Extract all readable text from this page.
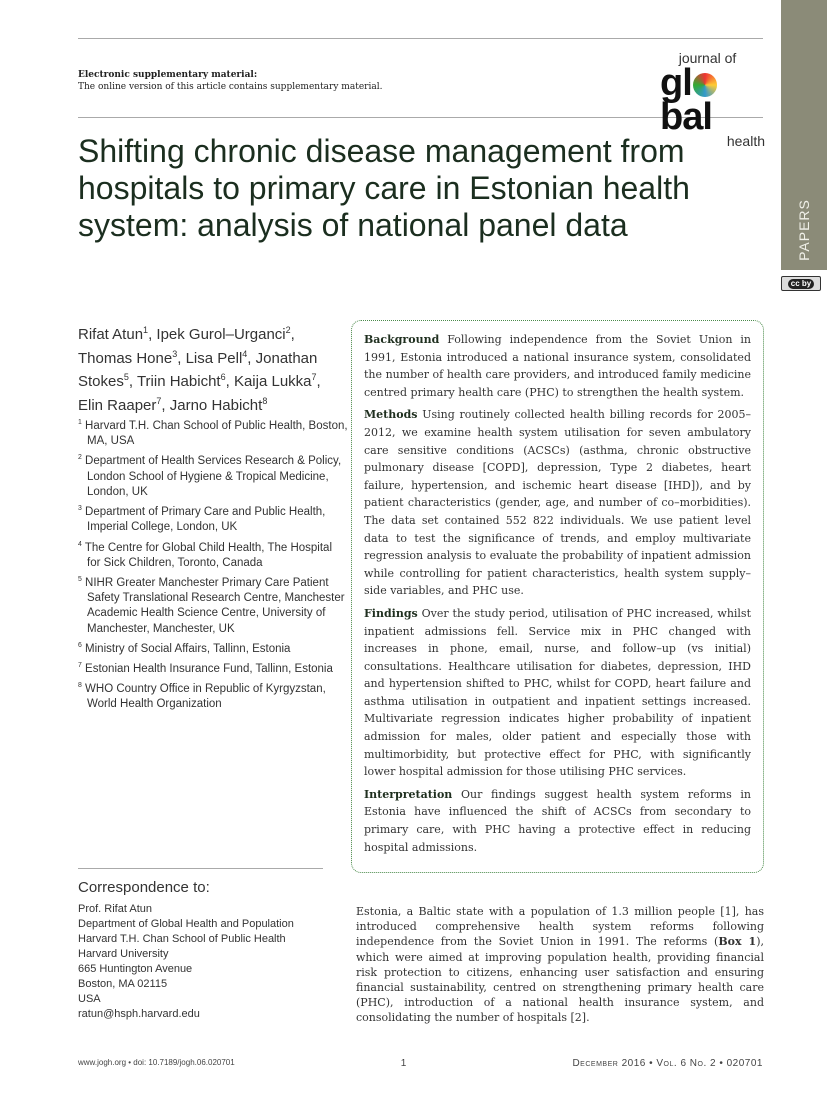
PAPERS
cc by
Electronic supplementary material:
The online version of this article contains supplementary material.
journal of
glbal
health
Shifting chronic disease management from hospitals to primary care in Estonian health system: analysis of national panel data
Rifat Atun$^1$, Ipek Gurol–Urganci$^2$, Thomas Hone$^3$, Lisa Pell$^4$, Jonathan Stokes$^5$, Triin Habicht$^6$, Kaija Lukka$^7$, Elin Raaper$^7$, Jarno Habicht$^8$
$^1$ Harvard T.H. Chan School of Public Health, Boston, MA, USA
$^2$ Department of Health Services Research & Policy, London School of Hygiene & Tropical Medicine, London, UK
$^3$ Department of Primary Care and Public Health, Imperial College, London, UK
$^4$ The Centre for Global Child Health, The Hospital for Sick Children, Toronto, Canada
$^5$ NIHR Greater Manchester Primary Care Patient Safety Translational Research Centre, Manchester Academic Health Science Centre, University of Manchester, Manchester, UK
$^6$ Ministry of Social Affairs, Tallinn, Estonia
$^7$ Estonian Health Insurance Fund, Tallinn, Estonia
$^8$ WHO Country Office in Republic of Kyrgyzstan, World Health Organization

Background Following independence from the Soviet Union in 1991, Estonia introduced a national insurance system, consolidated the number of health care providers, and introduced family medicine centred primary health care (PHC) to strengthen the health system.

Methods Using routinely collected health billing records for 2005–2012, we examine health system utilisation for seven ambulatory care sensitive conditions (ACSCs) (asthma, chronic obstructive pulmonary disease [COPD], depression, Type 2 diabetes, heart failure, hypertension, and ischemic heart disease [IHD]), and by patient characteristics (gender, age, and number of co–morbidities). The data set contained 552 822 individuals. We use patient level data to test the significance of trends, and employ multivariate regression analysis to evaluate the probability of inpatient admission while controlling for patient characteristics, health system supply–side variables, and PHC use.

Findings Over the study period, utilisation of PHC increased, whilst inpatient admissions fell. Service mix in PHC changed with increases in phone, email, nurse, and follow–up (vs initial) consultations. Healthcare utilisation for diabetes, depression, IHD and hypertension shifted to PHC, whilst for COPD, heart failure and asthma utilisation in outpatient and inpatient settings increased. Multivariate regression indicates higher probability of inpatient admission for males, older patient and especially those with multimorbidity, but protective effect for PHC, with significantly lower hospital admission for those utilising PHC services.

Interpretation Our findings suggest health system reforms in Estonia have influenced the shift of ACSCs from secondary to primary care, with PHC having a protective effect in reducing hospital admissions.

Correspondence to:
Prof. Rifat Atun
Department of Global Health and Population
Harvard T.H. Chan School of Public Health
Harvard University
665 Huntington Avenue
Boston, MA 02115
USA
ratun@hsph.harvard.edu
Estonia, a Baltic state with a population of 1.3 million people [1], has introduced comprehensive health system reforms following independence from the Soviet Union in 1991. The reforms (Box 1), which were aimed at improving population health, providing financial risk protection to citizens, enhancing user satisfaction and ensuring financial sustainability, centred on strengthening primary health care (PHC), introduction of a national health insurance system, and consolidating the number of hospitals [2].
www.jogh.org • doi: 10.7189/jogh.06.020701	1	December 2016 • Vol. 6 No. 2 • 020701
